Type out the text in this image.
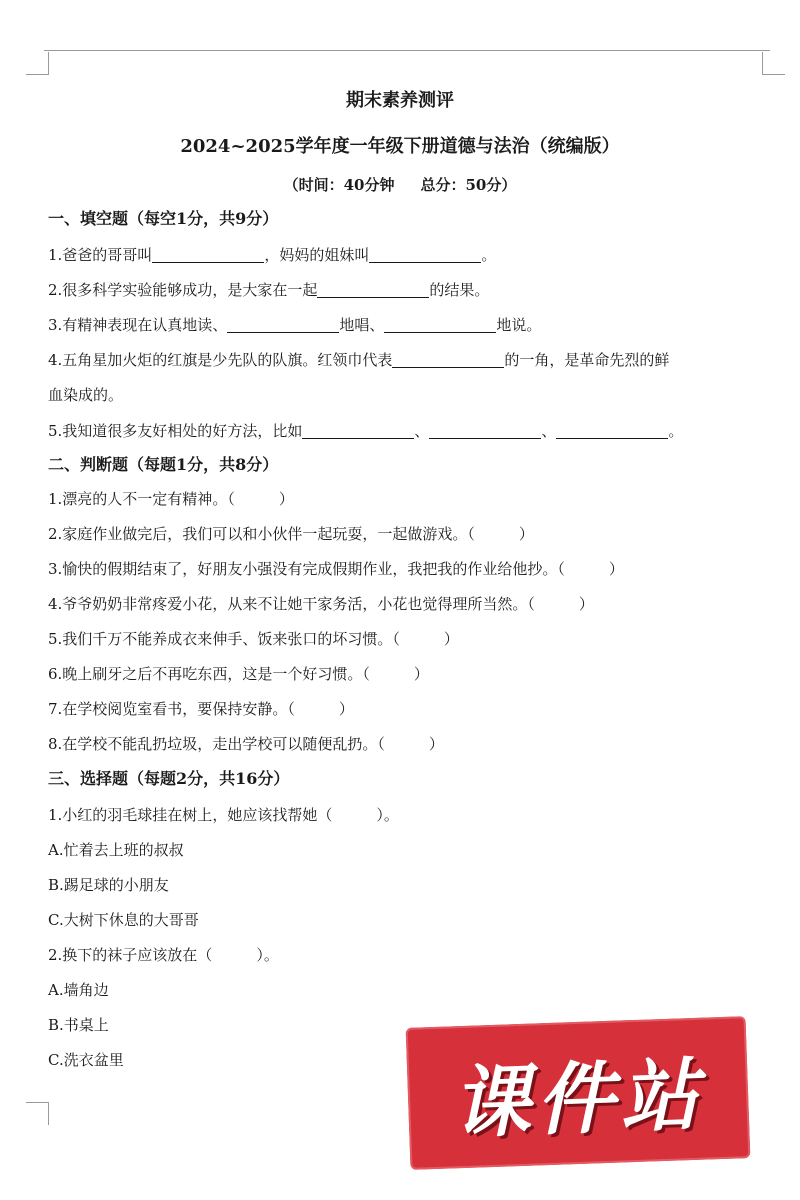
期末素养测评
2024~2025学年度一年级下册道德与法治（统编版）
（时间：40分钟 总分：50分）
一、填空题（每空1分，共9分）
1.爸爸的哥哥叫	，妈妈的姐妹叫	。
2.很多科学实验能够成功，是大家在一起	的结果。
3.有精神表现在认真地读、	地唱、	地说。
4.五角星加火炬的红旗是少先队的队旗。红领巾代表	的一角，是革命先烈的鲜
血染成的。
5.我知道很多友好相处的好方法，比如	、	、	。
二、判断题（每题1分，共8分）
1.漂亮的人不一定有精神。（	）
2.家庭作业做完后，我们可以和小伙伴一起玩耍，一起做游戏。（	）
3.愉快的假期结束了，好朋友小强没有完成假期作业，我把我的作业给他抄。（	）
4.爷爷奶奶非常疼爱小花，从来不让她干家务活，小花也觉得理所当然。（	）
5.我们千万不能养成衣来伸手、饭来张口的坏习惯。（	）
6.晚上刷牙之后不再吃东西，这是一个好习惯。（	）
7.在学校阅览室看书，要保持安静。（	）
8.在学校不能乱扔垃圾，走出学校可以随便乱扔。（	）
三、选择题（每题2分，共16分）
1.小红的羽毛球挂在树上，她应该找帮她（	）。
A.忙着去上班的叔叔
B.踢足球的小朋友
C.大树下休息的大哥哥
2.换下的袜子应该放在（	）。
A.墙角边
B.书桌上
C.洗衣盆里	课件站
